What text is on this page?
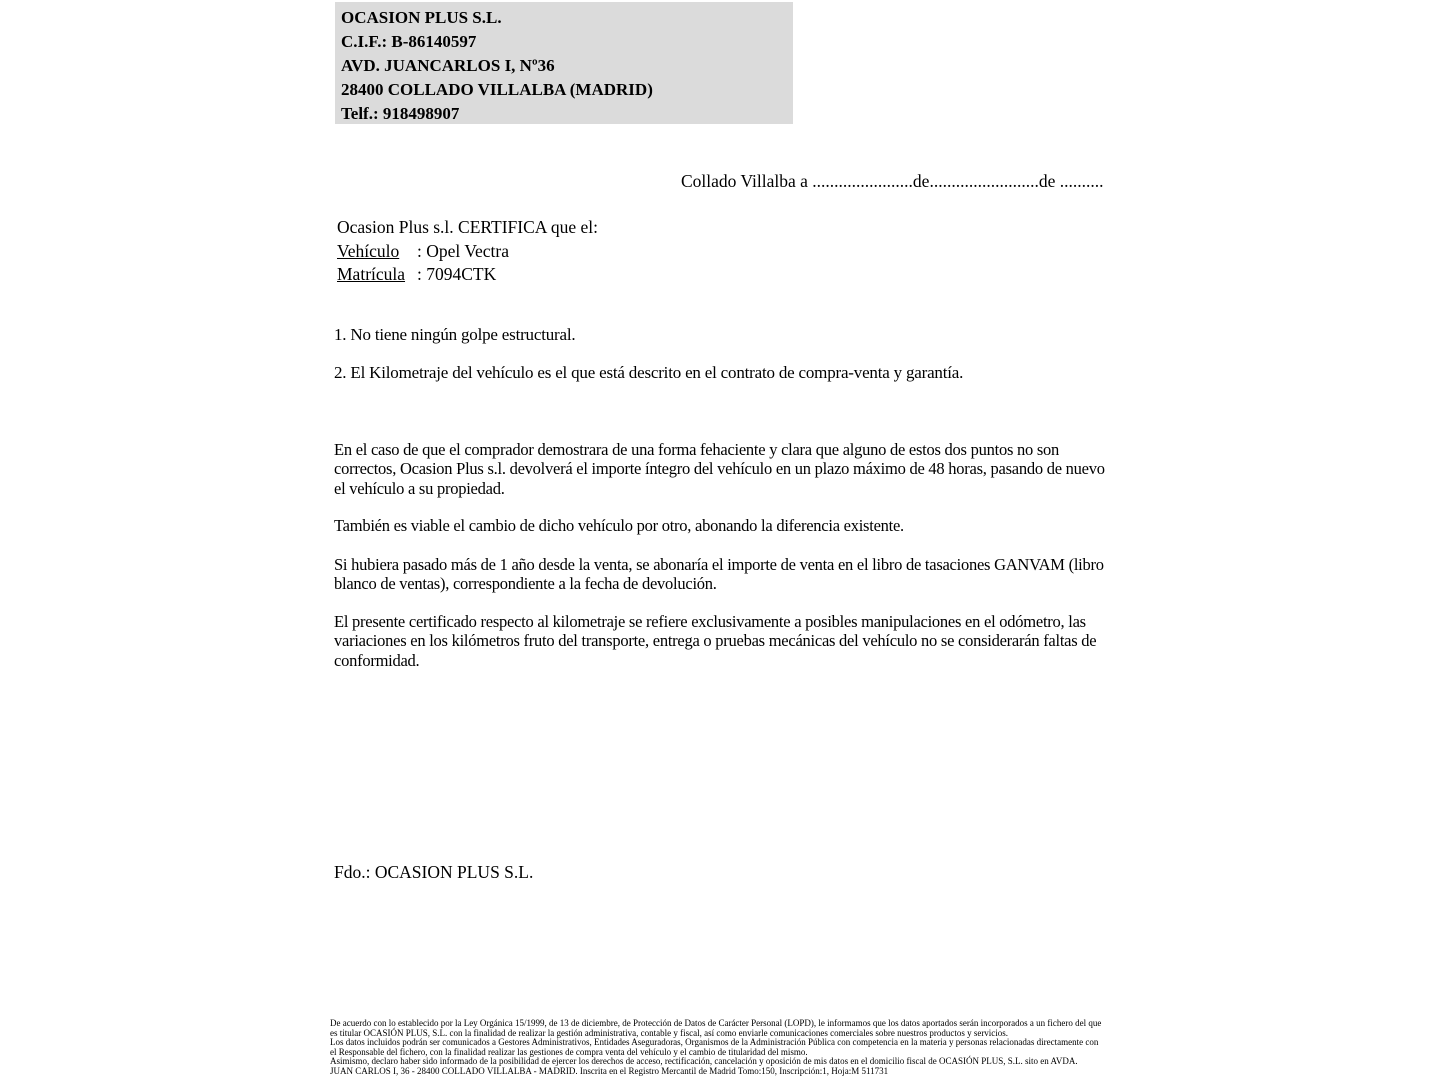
OCASION PLUS S.L.
C.I.F.: B-86140597
AVD. JUANCARLOS I, Nº36
28400 COLLADO VILLALBA (MADRID)
Telf.: 918498907
Collado Villalba a .......................de.........................de ..........
Ocasion Plus s.l. CERTIFICA que el:
Vehículo : Opel Vectra
Matrícula : 7094CTK
1. No tiene ningún golpe estructural.
2. El Kilometraje del vehículo es el que está descrito en el contrato de compra-venta y garantía.
En el caso de que el comprador demostrara de una forma fehaciente y clara que alguno de estos dos puntos no son correctos, Ocasion Plus s.l. devolverá el importe íntegro del vehículo en un plazo máximo de 48 horas, pasando de nuevo el vehículo a su propiedad.
También es viable el cambio de dicho vehículo por otro, abonando la diferencia existente.
Si hubiera pasado más de 1 año desde la venta, se abonaría el importe de venta en el libro de tasaciones GANVAM (libro blanco de ventas), correspondiente a la fecha de devolución.
El presente certificado respecto al kilometraje se refiere exclusivamente a posibles manipulaciones en el odómetro, las variaciones en los kilómetros fruto del transporte, entrega o pruebas mecánicas del vehículo no se considerarán faltas de conformidad.
Fdo.: OCASION PLUS S.L.

De acuerdo con lo establecido por la Ley Orgánica 15/1999, de 13 de diciembre, de Protección de Datos de Carácter Personal (LOPD), le informamos que los datos aportados serán incorporados a un fichero del que es titular OCASIÓN PLUS, S.L. con la finalidad de realizar la gestión administrativa, contable y fiscal, así como enviarle comunicaciones comerciales sobre nuestros productos y servicios.

Los datos incluidos podrán ser comunicados a Gestores Administrativos, Entidades Aseguradoras, Organismos de la Administración Pública con competencia en la materia y personas relacionadas directamente con el Responsable del fichero, con la finalidad realizar las gestiones de compra venta del vehículo y el cambio de titularidad del mismo.

Asimismo, declaro haber sido informado de la posibilidad de ejercer los derechos de acceso, rectificación, cancelación y oposición de mis datos en el domicilio fiscal de OCASIÓN PLUS, S.L. sito en AVDA. JUAN CARLOS I, 36 - 28400 COLLADO VILLALBA - MADRID. Inscrita en el Registro Mercantil de Madrid Tomo:150, Inscripción:1, Hoja:M 511731
